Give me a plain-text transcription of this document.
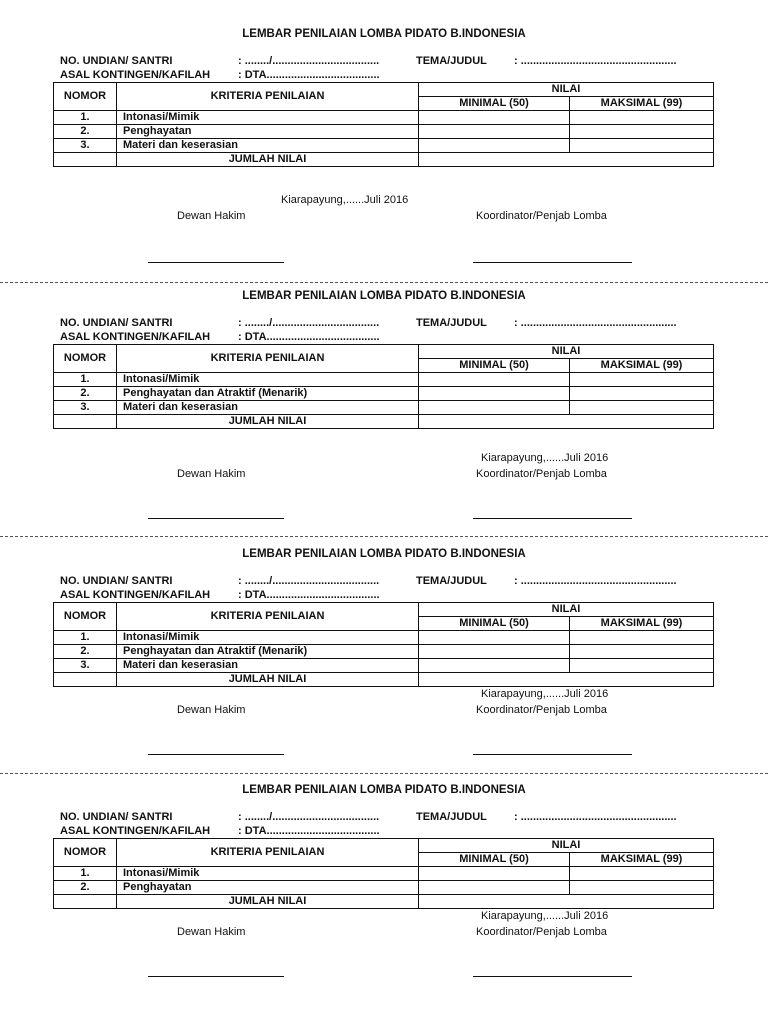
LEMBAR PENILAIAN LOMBA PIDATO B.INDONESIA
NO. UNDIAN/ SANTRI	: ......../...................................	TEMA/JUDUL : ...................................................
ASAL KONTINGEN/KAFILAH	: DTA.....................................
NOMOR	KRITERIA PENILAIAN	NILAI	
		MINIMAL (50)	MAKSIMAL (99)
1.	Intonasi/Mimik		
2.	Penghayatan		
3.	Materi dan keserasian		
	JUMLAH NILAI		
Kiarapayung,......Juli 2016
Dewan Hakim	Koordinator/Penjab Lomba
LEMBAR PENILAIAN LOMBA PIDATO B.INDONESIA
NO. UNDIAN/ SANTRI	: ......../...................................	TEMA/JUDUL : ...................................................
ASAL KONTINGEN/KAFILAH	: DTA.....................................
NOMOR	KRITERIA PENILAIAN	NILAI	
		MINIMAL (50)	MAKSIMAL (99)
1.	Intonasi/Mimik		
2.	Penghayatan dan Atraktif (Menarik)		
3.	Materi dan keserasian		
	JUMLAH NILAI		
Kiarapayung,......Juli 2016
Dewan Hakim	Koordinator/Penjab Lomba
LEMBAR PENILAIAN LOMBA PIDATO B.INDONESIA
NO. UNDIAN/ SANTRI	: ......../...................................	TEMA/JUDUL : ...................................................
ASAL KONTINGEN/KAFILAH	: DTA.....................................
NOMOR	KRITERIA PENILAIAN	NILAI	
		MINIMAL (50)	MAKSIMAL (99)
1.	Intonasi/Mimik		
2.	Penghayatan dan Atraktif (Menarik)		
3.	Materi dan keserasian		
	JUMLAH NILAI		
Kiarapayung,......Juli 2016
Dewan Hakim	Koordinator/Penjab Lomba
LEMBAR PENILAIAN LOMBA PIDATO B.INDONESIA
NO. UNDIAN/ SANTRI	: ......../...................................	TEMA/JUDUL : ...................................................
ASAL KONTINGEN/KAFILAH	: DTA.....................................
NOMOR	KRITERIA PENILAIAN	NILAI	
		MINIMAL (50)	MAKSIMAL (99)
1.	Intonasi/Mimik		
2.	Penghayatan		
	JUMLAH NILAI		
Kiarapayung,......Juli 2016
Dewan Hakim	Koordinator/Penjab Lomba
